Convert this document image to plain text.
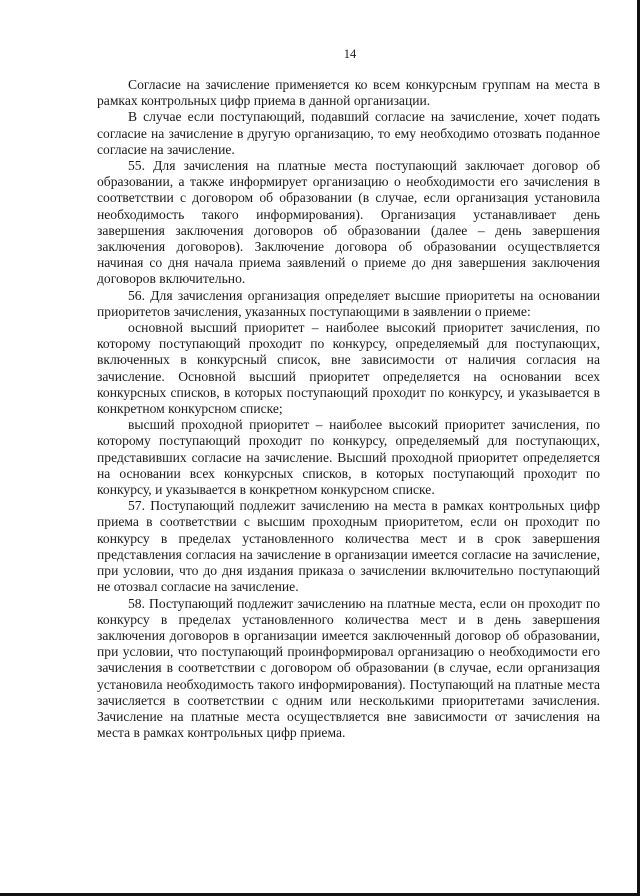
14

Согласие на зачисление применяется ко всем конкурсным группам на места в рамках контрольных цифр приема в данной организации.

В случае если поступающий, подавший согласие на зачисление, хочет подать согласие на зачисление в другую организацию, то ему необходимо отозвать поданное согласие на зачисление.

55. Для зачисления на платные места поступающий заключает договор об образовании, а также информирует организацию о необходимости его зачисления в соответствии с договором об образовании (в случае, если организация установила необходимость такого информирования). Организация устанавливает день завершения заключения договоров об образовании (далее – день завершения заключения договоров). Заключение договора об образовании осуществляется начиная со дня начала приема заявлений о приеме до дня завершения заключения договоров включительно.

56. Для зачисления организация определяет высшие приоритеты на основании приоритетов зачисления, указанных поступающими в заявлении о приеме:

основной высший приоритет – наиболее высокий приоритет зачисления, по которому поступающий проходит по конкурсу, определяемый для поступающих, включенных в конкурсный список, вне зависимости от наличия согласия на зачисление. Основной высший приоритет определяется на основании всех конкурсных списков, в которых поступающий проходит по конкурсу, и указывается в конкретном конкурсном списке;

высший проходной приоритет – наиболее высокий приоритет зачисления, по которому поступающий проходит по конкурсу, определяемый для поступающих, представивших согласие на зачисление. Высший проходной приоритет определяется на основании всех конкурсных списков, в которых поступающий проходит по конкурсу, и указывается в конкретном конкурсном списке.

57. Поступающий подлежит зачислению на места в рамках контрольных цифр приема в соответствии с высшим проходным приоритетом, если он проходит по конкурсу в пределах установленного количества мест и в срок завершения представления согласия на зачисление в организации имеется согласие на зачисление, при условии, что до дня издания приказа о зачислении включительно поступающий не отозвал согласие на зачисление.

58. Поступающий подлежит зачислению на платные места, если он проходит по конкурсу в пределах установленного количества мест и в день завершения заключения договоров в организации имеется заключенный договор об образовании, при условии, что поступающий проинформировал организацию о необходимости его зачисления в соответствии с договором об образовании (в случае, если организация установила необходимость такого информирования). Поступающий на платные места зачисляется в соответствии с одним или несколькими приоритетами зачисления. Зачисление на платные места осуществляется вне зависимости от зачисления на места в рамках контрольных цифр приема.
